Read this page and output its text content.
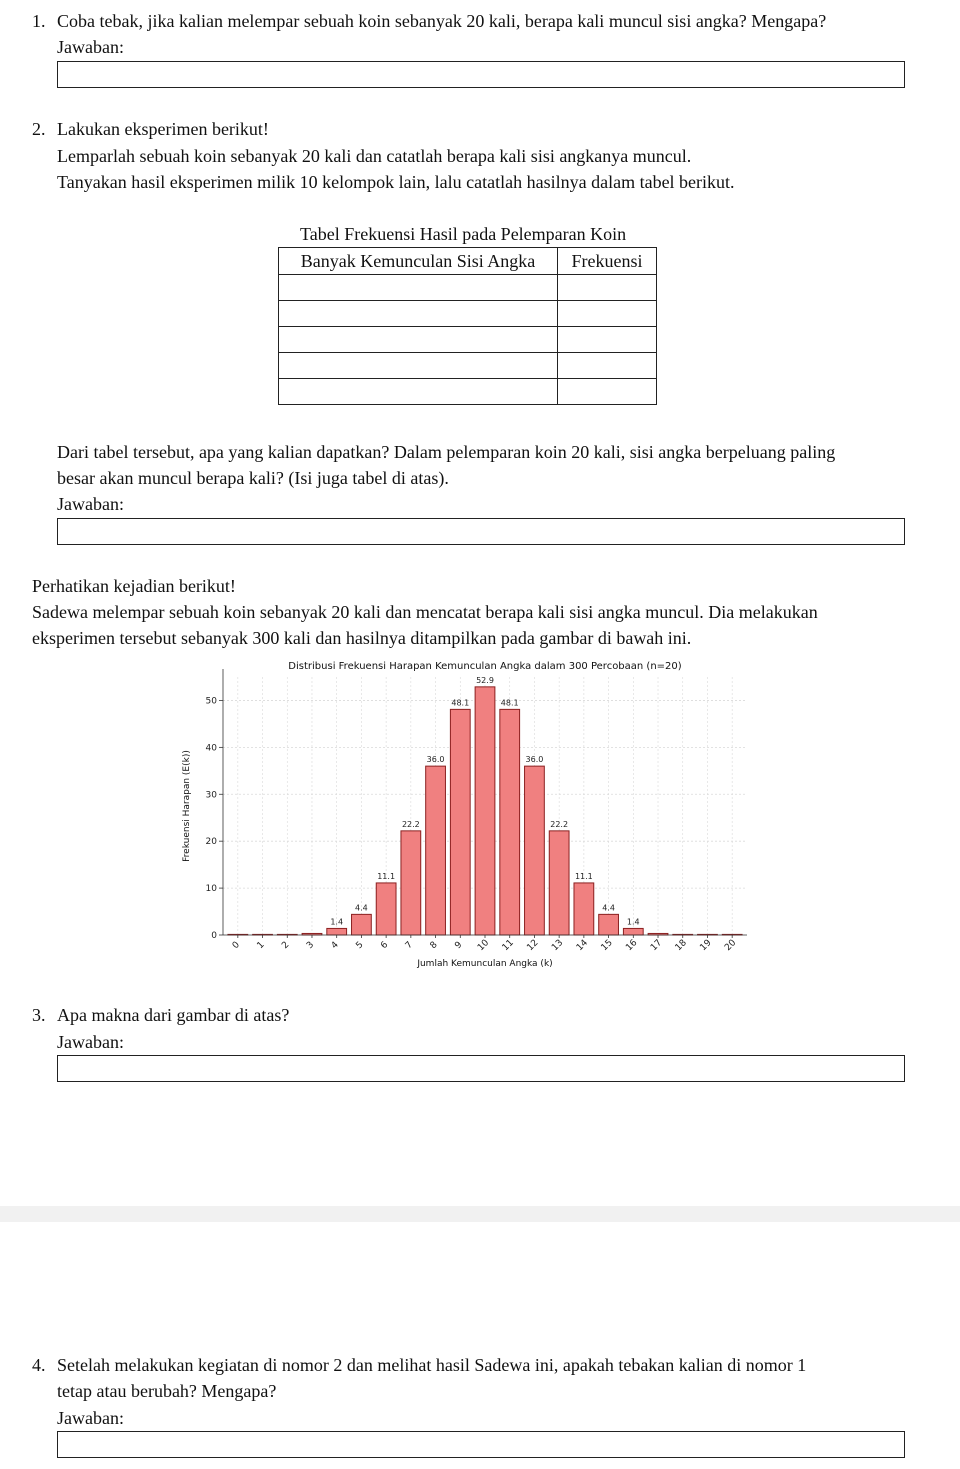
1. Coba tebak, jika kalian melempar sebuah koin sebanyak 20 kali, berapa kali muncul sisi angka? Mengapa?
Jawaban:
2. Lakukan eksperimen berikut!
Lemparlah sebuah koin sebanyak 20 kali dan catatlah berapa kali sisi angkanya muncul.
Tanyakan hasil eksperimen milik 10 kelompok lain, lalu catatlah hasilnya dalam tabel berikut.
Tabel Frekuensi Hasil pada Pelemparan Koin
Banyak Kemunculan Sisi Angka	Frekuensi

Dari tabel tersebut, apa yang kalian dapatkan? Dalam pelemparan koin 20 kali, sisi angka berpeluang paling
besar akan muncul berapa kali? (Isi juga tabel di atas).
Jawaban:
Perhatikan kejadian berikut!
Sadewa melempar sebuah koin sebanyak 20 kali dan mencatat berapa kali sisi angka muncul. Dia melakukan
eksperimen tersebut sebanyak 300 kali dan hasilnya ditampilkan pada gambar di bawah ini.
0
10
20
30
40
50
1.4
4.4
11.1
22.2
36.0
48.1
52.9
48.1
36.0
22.2
11.1
4.4
1.4
0 1 2 3 4 5 6 7 8 9 10 11 12 13 14 15 16 17 18 19 20
Distribusi Frekuensi Harapan Kemunculan Angka dalam 300 Percobaan (n=20)
Jumlah Kemunculan Angka (k)
Frekuensi Harapan (E(k))
3. Apa makna dari gambar di atas?
Jawaban:
4. Setelah melakukan kegiatan di nomor 2 dan melihat hasil Sadewa ini, apakah tebakan kalian di nomor 1
tetap atau berubah? Mengapa?
Jawaban:
